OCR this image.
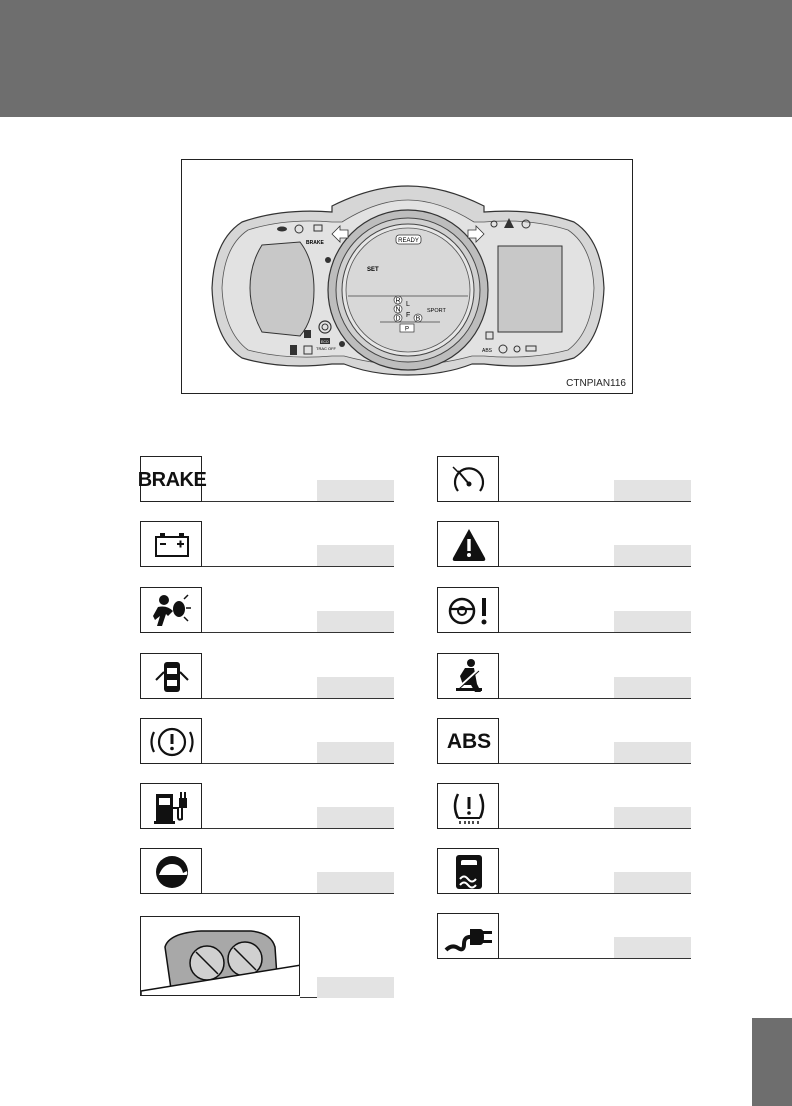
READY
SET
R
N
D
L
F B
P
SPORT
BRAKE
TRAC OFF
ECO
ABS
CTNPIAN116
BRAKE
ABS
